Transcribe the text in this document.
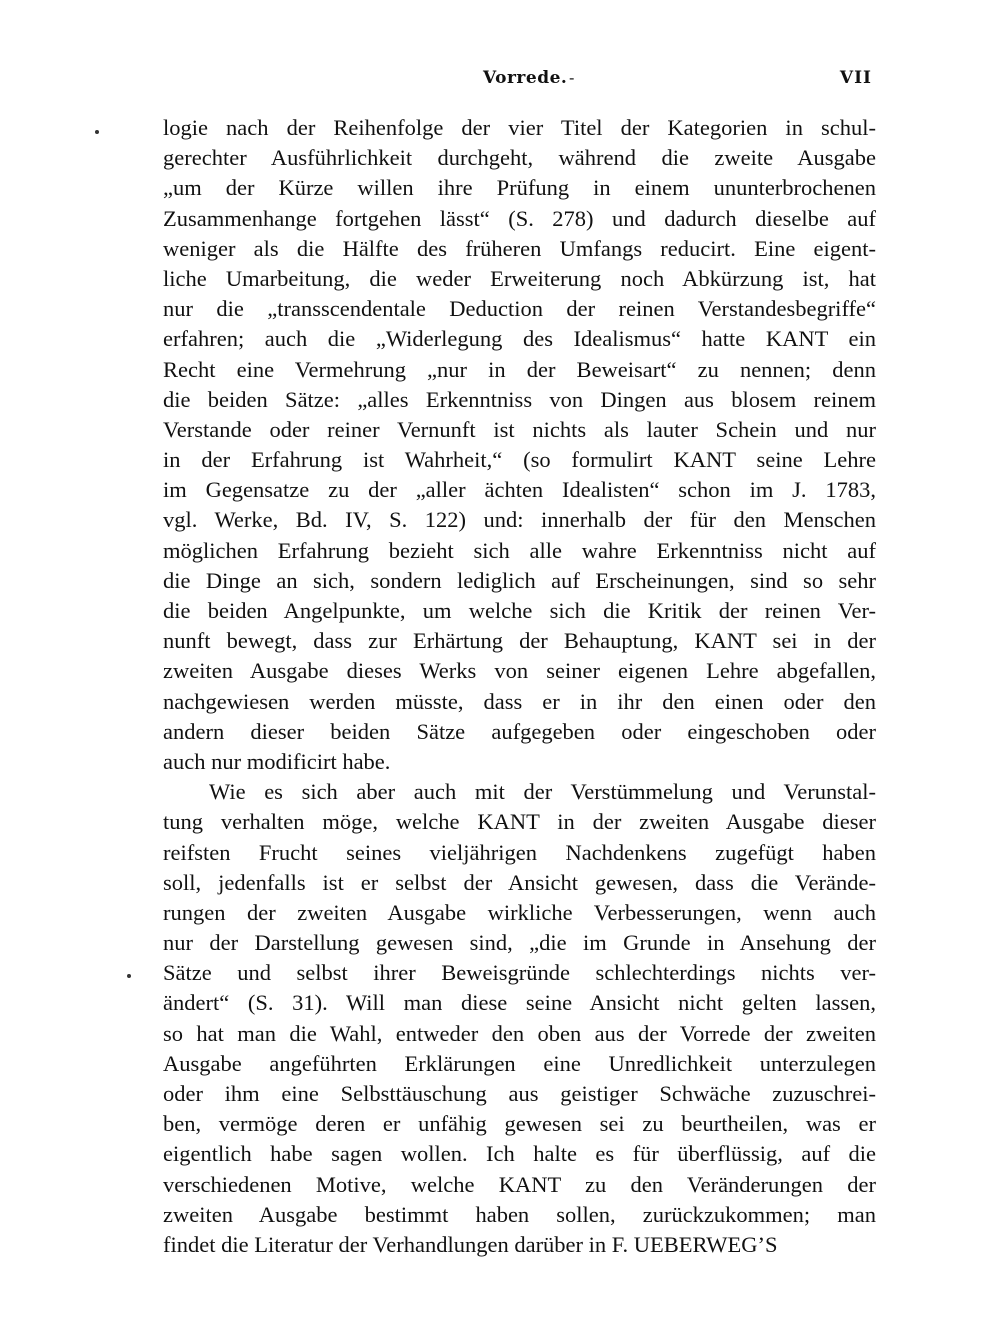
Vorrede. -	VII

logie nach der Reihenfolge der vier Titel der Kategorien in schul-
gerechter Ausführlichkeit durchgeht, während die zweite Ausgabe
„um der Kürze willen ihre Prüfung in einem ununterbrochenen
Zusammenhange fortgehen lässt“ (S. 278) und dadurch dieselbe auf
weniger als die Hälfte des früheren Umfangs reducirt. Eine eigent-
liche Umarbeitung, die weder Erweiterung noch Abkürzung ist, hat
nur die „transscendentale Deduction der reinen Verstandesbegriffe“
erfahren; auch die „Widerlegung des Idealismus“ hatte KANT ein
Recht eine Vermehrung „nur in der Beweisart“ zu nennen; denn
die beiden Sätze: „alles Erkenntniss von Dingen aus blosem reinem
Verstande oder reiner Vernunft ist nichts als lauter Schein und nur
in der Erfahrung ist Wahrheit,“ (so formulirt KANT seine Lehre
im Gegensatze zu der „aller ächten Idealisten“ schon im J. 1783,
vgl. Werke, Bd. IV, S. 122) und: innerhalb der für den Menschen
möglichen Erfahrung bezieht sich alle wahre Erkenntniss nicht auf
die Dinge an sich, sondern lediglich auf Erscheinungen, sind so sehr
die beiden Angelpunkte, um welche sich die Kritik der reinen Ver-
nunft bewegt, dass zur Erhärtung der Behauptung, KANT sei in der
zweiten Ausgabe dieses Werks von seiner eigenen Lehre abgefallen,
nachgewiesen werden müsste, dass er in ihr den einen oder den
andern dieser beiden Sätze aufgegeben oder eingeschoben oder
auch nur modificirt habe.

Wie es sich aber auch mit der Verstümmelung und Verunstal-
tung verhalten möge, welche KANT in der zweiten Ausgabe dieser
reifsten Frucht seines vieljährigen Nachdenkens zugefügt haben
soll, jedenfalls ist er selbst der Ansicht gewesen, dass die Verände-
rungen der zweiten Ausgabe wirkliche Verbesserungen, wenn auch
nur der Darstellung gewesen sind, „die im Grunde in Ansehung der
Sätze und selbst ihrer Beweisgründe schlechterdings nichts ver-
ändert“ (S. 31). Will man diese seine Ansicht nicht gelten lassen,
so hat man die Wahl, entweder den oben aus der Vorrede der zweiten
Ausgabe angeführten Erklärungen eine Unredlichkeit unterzulegen
oder ihm eine Selbsttäuschung aus geistiger Schwäche zuzuschrei-
ben, vermöge deren er unfähig gewesen sei zu beurtheilen, was er
eigentlich habe sagen wollen. Ich halte es für überflüssig, auf die
verschiedenen Motive, welche KANT zu den Veränderungen der
zweiten Ausgabe bestimmt haben sollen, zurückzukommen; man
findet die Literatur der Verhandlungen darüber in F. UEBERWEG’S
